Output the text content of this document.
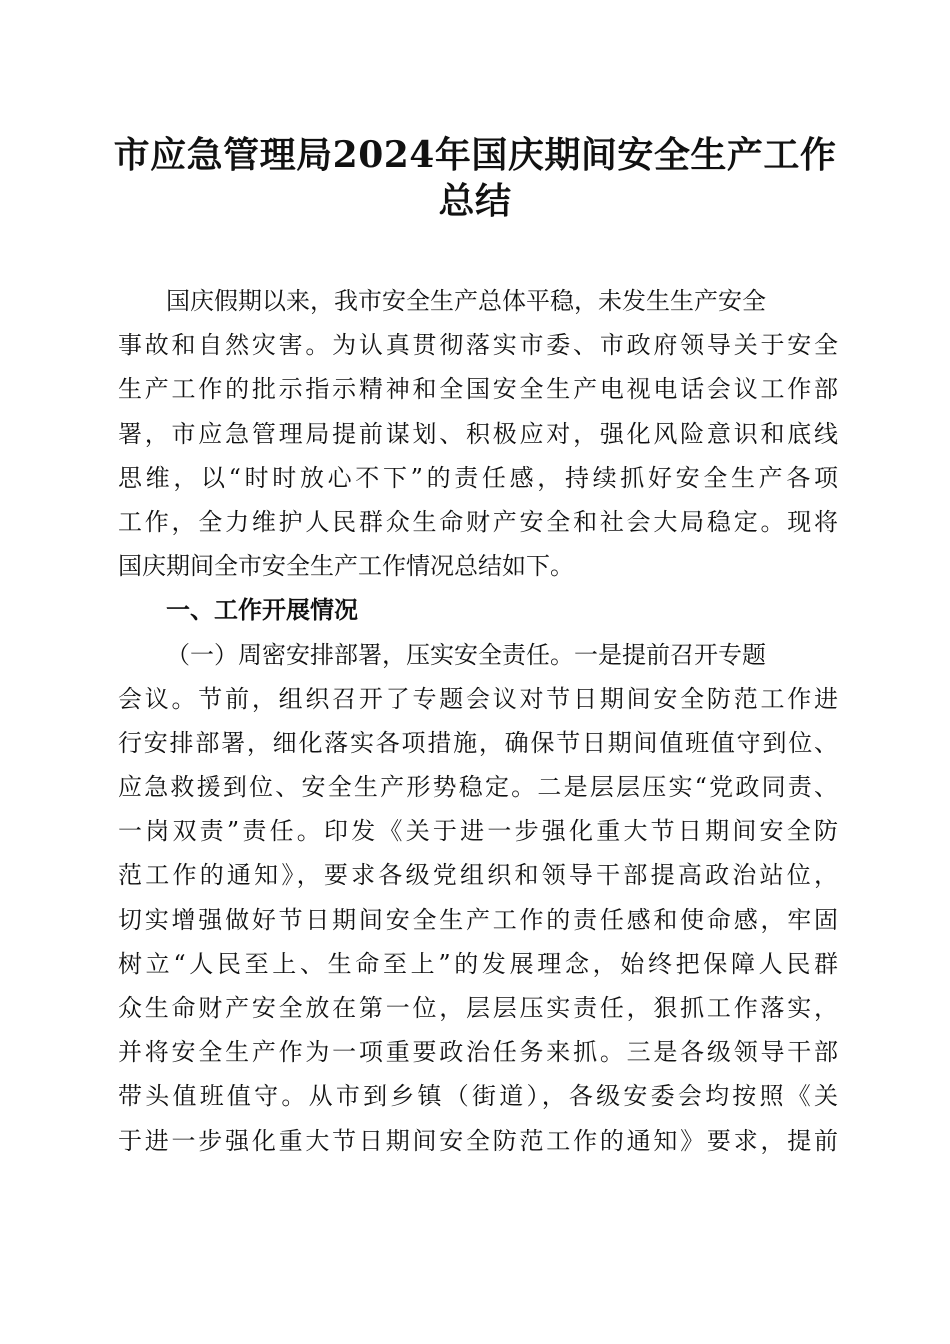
市应急管理局2024年国庆期间安全生产工作
总结
国庆假期以来，我市安全生产总体平稳，未发生生产安全
事故和自然灾害。为认真贯彻落实市委、市政府领导关于安全
生产工作的批示指示精神和全国安全生产电视电话会议工作部
署，市应急管理局提前谋划、积极应对，强化风险意识和底线
思维，以“时时放心不下”的责任感，持续抓好安全生产各项
工作，全力维护人民群众生命财产安全和社会大局稳定。现将
国庆期间全市安全生产工作情况总结如下。
一、工作开展情况
（一）周密安排部署，压实安全责任。一是提前召开专题
会议。节前，组织召开了专题会议对节日期间安全防范工作进
行安排部署，细化落实各项措施，确保节日期间值班值守到位、
应急救援到位、安全生产形势稳定。二是层层压实“党政同责、
一岗双责”责任。印发《关于进一步强化重大节日期间安全防
范工作的通知》，要求各级党组织和领导干部提高政治站位，
切实增强做好节日期间安全生产工作的责任感和使命感，牢固
树立“人民至上、生命至上”的发展理念，始终把保障人民群
众生命财产安全放在第一位，层层压实责任，狠抓工作落实，
并将安全生产作为一项重要政治任务来抓。三是各级领导干部
带头值班值守。从市到乡镇（街道），各级安委会均按照《关
于进一步强化重大节日期间安全防范工作的通知》要求，提前
